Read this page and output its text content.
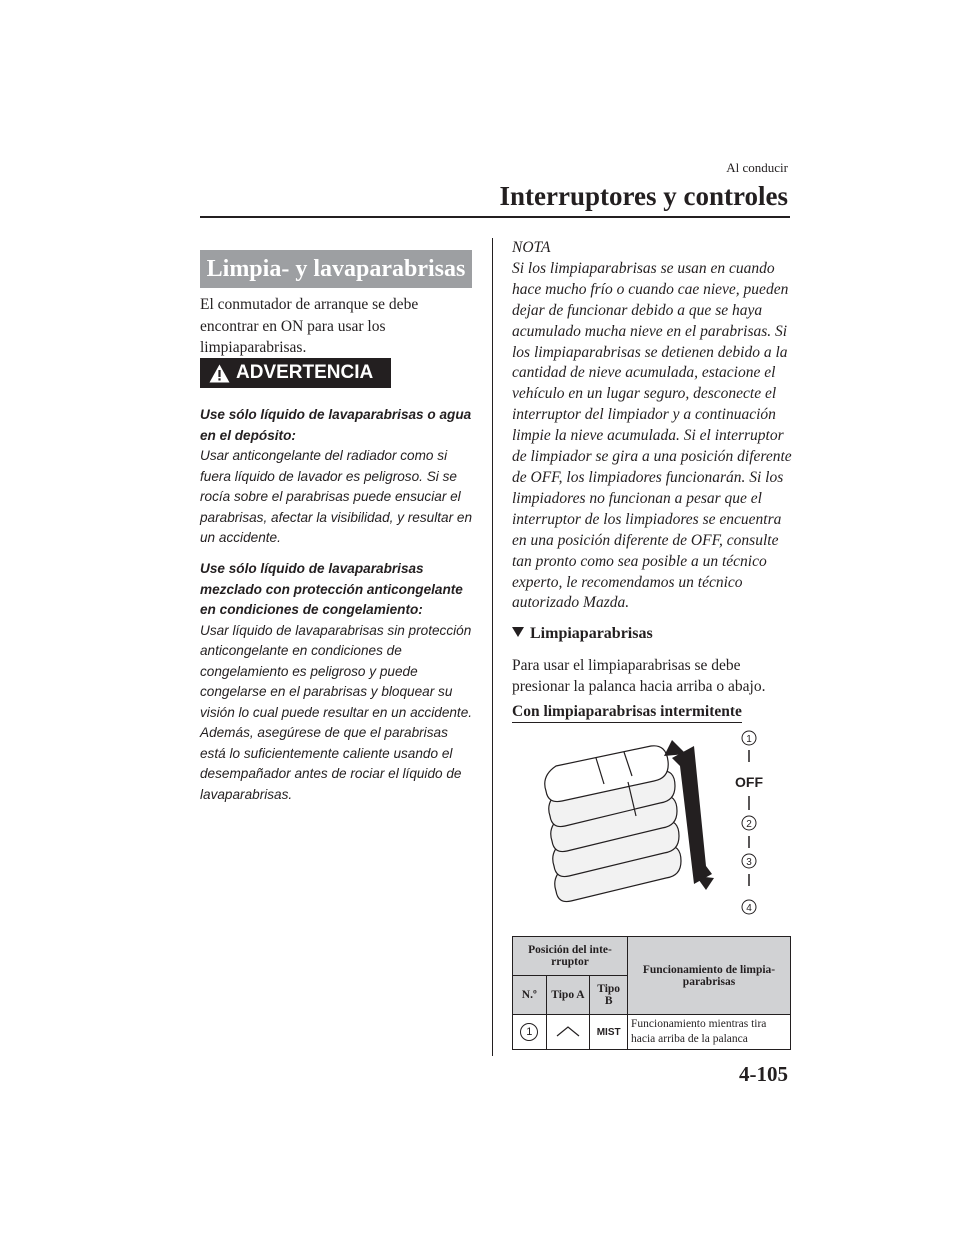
Al conducir
Interruptores y controles
Limpia- y lavaparabrisas
El conmutador de arranque se debe encontrar en ON para usar los limpiaparabrisas.
ADVERTENCIA
Use sólo líquido de lavaparabrisas o agua en el depósito:
Usar anticongelante del radiador como si fuera líquido de lavador es peligroso. Si se rocía sobre el parabrisas puede ensuciar el parabrisas, afectar la visibilidad, y resultar en un accidente.
Use sólo líquido de lavaparabrisas mezclado con protección anticongelante en condiciones de congelamiento:
Usar líquido de lavaparabrisas sin protección anticongelante en condiciones de congelamiento es peligroso y puede congelarse en el parabrisas y bloquear su visión lo cual puede resultar en un accidente. Además, asegúrese de que el parabrisas está lo suficientemente caliente usando el desempañador antes de rociar el líquido de lavaparabrisas.
NOTA
Si los limpiaparabrisas se usan en cuando hace mucho frío o cuando cae nieve, pueden dejar de funcionar debido a que se haya acumulado mucha nieve en el parabrisas. Si los limpiaparabrisas se detienen debido a la cantidad de nieve acumulada, estacione el vehículo en un lugar seguro, desconecte el interruptor del limpiador y a continuación limpie la nieve acumulada. Si el interruptor de limpiador se gira a una posición diferente de OFF, los limpiadores funcionarán. Si los limpiadores no funcionan a pesar que el interruptor de los limpiadores se encuentra en una posición diferente de OFF, consulte tan pronto como sea posible a un técnico experto, le recomendamos un técnico autorizado Mazda.
Limpiaparabrisas
Para usar el limpiaparabrisas se debe presionar la palanca hacia arriba o abajo.
Con limpiaparabrisas intermitente
1
OFF
2
3
4
Posición del inte-rruptor			Funcionamiento de limpia-parabrisas
N.º	Tipo A	Tipo B	
1		MIST	Funcionamiento mientras tira hacia arriba de la palanca
4-105
